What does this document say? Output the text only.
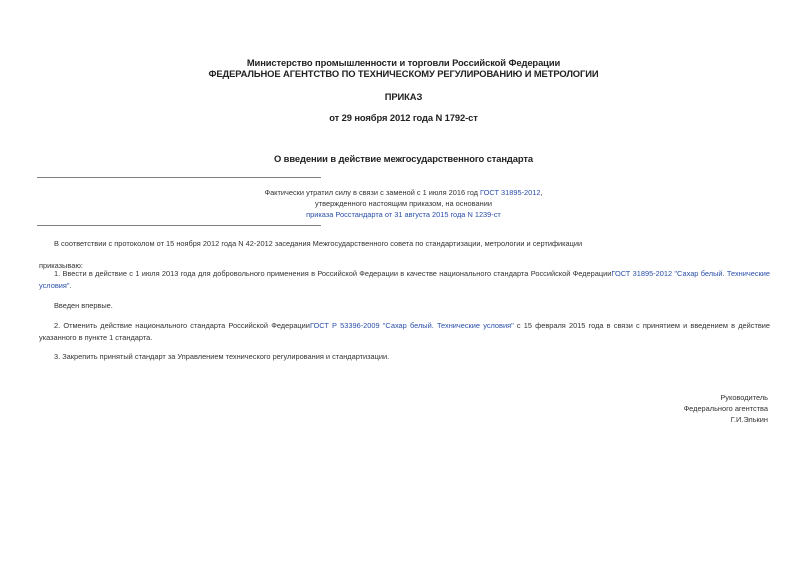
Министерство промышленности и торговли Российской Федерации
ФЕДЕРАЛЬНОЕ АГЕНТСТВО ПО ТЕХНИЧЕСКОМУ РЕГУЛИРОВАНИЮ И МЕТРОЛОГИИ
ПРИКАЗ
от 29 ноября 2012 года N 1792-ст
О введении в действие межгосударственного стандарта
Фактически утратил силу в связи с заменой с 1 июля 2016 год ГОСТ 31895-2012,
утвержденного настоящим приказом, на основании
приказа Росстандарта от 31 августа 2015 года N 1239-ст
В соответствии с протоколом от 15 ноября 2012 года N 42-2012 заседания Межгосударственного совета по стандартизации, метрологии и сертификации
приказываю:
1. Ввести в действие с 1 июля 2013 года для добровольного применения в Российской Федерации в качестве национального стандарта Российской ФедерацииГОСТ 31895-2012 "Сахар белый. Технические условия".
Введен впервые.
2. Отменить действие национального стандарта Российской ФедерацииГОСТ Р 53396-2009 "Сахар белый. Технические условия" с 15 февраля 2015 года в связи с принятием и введением в действие указанного в пункте 1 стандарта.
3. Закрепить принятый стандарт за Управлением технического регулирования и стандартизации.
Руководитель
Федерального агентства
Г.И.Элькин
